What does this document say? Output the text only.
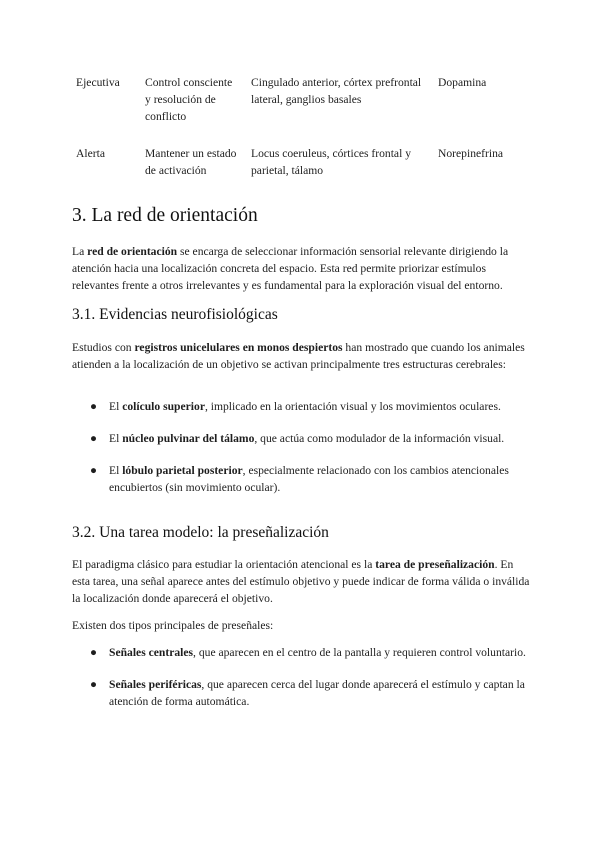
Ejecutiva	Control consciente y resolución de conflicto	Cingulado anterior, córtex prefrontal lateral, ganglios basales	Dopamina
Alerta	Mantener un estado de activación	Locus coeruleus, córtices frontal y parietal, tálamo	Norepinefrina
3. La red de orientación
La red de orientación se encarga de seleccionar información sensorial relevante dirigiendo la atención hacia una localización concreta del espacio. Esta red permite priorizar estímulos relevantes frente a otros irrelevantes y es fundamental para la exploración visual del entorno.
3.1. Evidencias neurofisiológicas
Estudios con registros unicelulares en monos despiertos han mostrado que cuando los animales atienden a la localización de un objetivo se activan principalmente tres estructuras cerebrales:
● El colículo superior, implicado en la orientación visual y los movimientos oculares.
● El núcleo pulvinar del tálamo, que actúa como modulador de la información visual.
● El lóbulo parietal posterior, especialmente relacionado con los cambios atencionales encubiertos (sin movimiento ocular).
3.2. Una tarea modelo: la preseñalización
El paradigma clásico para estudiar la orientación atencional es la tarea de preseñalización. En esta tarea, una señal aparece antes del estímulo objetivo y puede indicar de forma válida o inválida la localización donde aparecerá el objetivo.
Existen dos tipos principales de preseñales:
● Señales centrales, que aparecen en el centro de la pantalla y requieren control voluntario.
● Señales periféricas, que aparecen cerca del lugar donde aparecerá el estímulo y captan la atención de forma automática.
